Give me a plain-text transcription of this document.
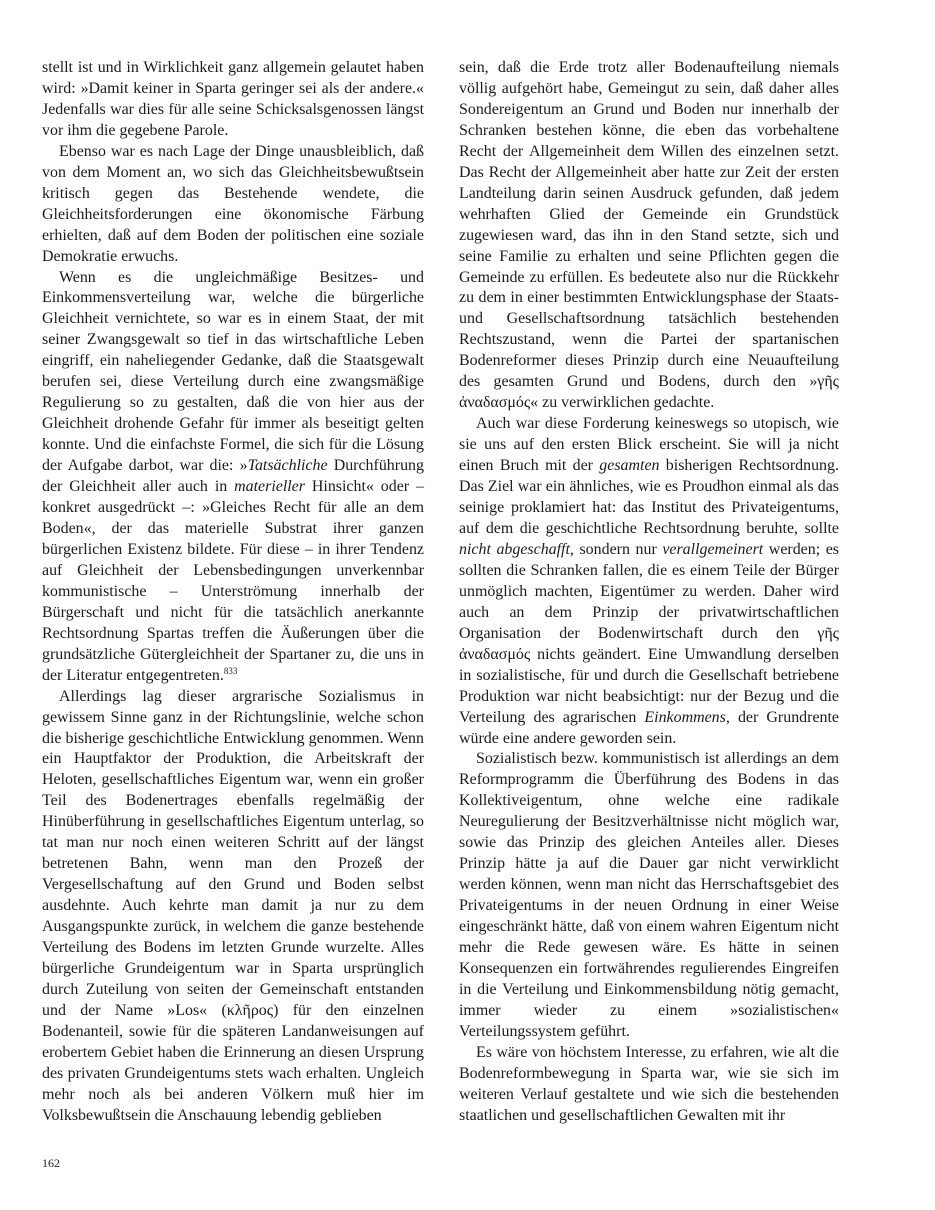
stellt ist und in Wirklichkeit ganz allgemein gelautet haben wird: »Damit keiner in Sparta geringer sei als der andere.« Jedenfalls war dies für alle seine Schicksalsgenossen längst vor ihm die gegebene Parole.

Ebenso war es nach Lage der Dinge unausbleiblich, daß von dem Moment an, wo sich das Gleichheitsbewußtsein kritisch gegen das Bestehende wendete, die Gleichheitsforderungen eine ökonomische Färbung erhielten, daß auf dem Boden der politischen eine soziale Demokratie erwuchs.

Wenn es die ungleichmäßige Besitzes- und Einkommensverteilung war, welche die bürgerliche Gleichheit vernichtete, so war es in einem Staat, der mit seiner Zwangsgewalt so tief in das wirtschaftliche Leben eingriff, ein naheliegender Gedanke, daß die Staatsgewalt berufen sei, diese Verteilung durch eine zwangsmäßige Regulierung so zu gestalten, daß die von hier aus der Gleichheit drohende Gefahr für immer als beseitigt gelten konnte. Und die einfachste Formel, die sich für die Lösung der Aufgabe darbot, war die: »Tatsächliche Durchführung der Gleichheit aller auch in materieller Hinsicht« oder – konkret ausgedrückt –: »Gleiches Recht für alle an dem Boden«, der das materielle Substrat ihrer ganzen bürgerlichen Existenz bildete. Für diese – in ihrer Tendenz auf Gleichheit der Lebensbedingungen unverkennbar kommunistische – Unterströmung innerhalb der Bürgerschaft und nicht für die tatsächlich anerkannte Rechtsordnung Spartas treffen die Äußerungen über die grundsätzliche Gütergleichheit der Spartaner zu, die uns in der Literatur entgegentreten.$^{833}$

Allerdings lag dieser argrarische Sozialismus in gewissem Sinne ganz in der Richtungslinie, welche schon die bisherige geschichtliche Entwicklung genommen. Wenn ein Hauptfaktor der Produktion, die Arbeitskraft der Heloten, gesellschaftliches Eigentum war, wenn ein großer Teil des Bodenertrages ebenfalls regelmäßig der Hinüberführung in gesellschaftliches Eigentum unterlag, so tat man nur noch einen weiteren Schritt auf der längst betretenen Bahn, wenn man den Prozeß der Vergesellschaftung auf den Grund und Boden selbst ausdehnte. Auch kehrte man damit ja nur zu dem Ausgangspunkte zurück, in welchem die ganze bestehende Verteilung des Bodens im letzten Grunde wurzelte. Alles bürgerliche Grundeigentum war in Sparta ursprünglich durch Zuteilung von seiten der Gemeinschaft entstanden und der Name »Los« (κλῆρος) für den einzelnen Bodenanteil, sowie für die späteren Landanweisungen auf erobertem Gebiet haben die Erinnerung an diesen Ursprung des privaten Grundeigentums stets wach erhalten. Ungleich mehr noch als bei anderen Völkern muß hier im Volksbewußtsein die Anschauung lebendig geblieben

sein, daß die Erde trotz aller Bodenaufteilung niemals völlig aufgehört habe, Gemeingut zu sein, daß daher alles Sondereigentum an Grund und Boden nur innerhalb der Schranken bestehen könne, die eben das vorbehaltene Recht der Allgemeinheit dem Willen des einzelnen setzt. Das Recht der Allgemeinheit aber hatte zur Zeit der ersten Landteilung darin seinen Ausdruck gefunden, daß jedem wehrhaften Glied der Gemeinde ein Grundstück zugewiesen ward, das ihn in den Stand setzte, sich und seine Familie zu erhalten und seine Pflichten gegen die Gemeinde zu erfüllen. Es bedeutete also nur die Rückkehr zu dem in einer bestimmten Entwicklungsphase der Staats- und Gesellschaftsordnung tatsächlich bestehenden Rechtszustand, wenn die Partei der spartanischen Bodenreformer dieses Prinzip durch eine Neuaufteilung des gesamten Grund und Bodens, durch den »γῆς ἀναδασμός« zu verwirklichen gedachte.

Auch war diese Forderung keineswegs so utopisch, wie sie uns auf den ersten Blick erscheint. Sie will ja nicht einen Bruch mit der gesamten bisherigen Rechtsordnung. Das Ziel war ein ähnliches, wie es Proudhon einmal als das seinige proklamiert hat: das Institut des Privateigentums, auf dem die geschichtliche Rechtsordnung beruhte, sollte nicht abgeschafft, sondern nur verallgemeinert werden; es sollten die Schranken fallen, die es einem Teile der Bürger unmöglich machten, Eigentümer zu werden. Daher wird auch an dem Prinzip der privatwirtschaftlichen Organisation der Bodenwirtschaft durch den γῆς ἀναδασμός nichts geändert. Eine Umwandlung derselben in sozialistische, für und durch die Gesellschaft betriebene Produktion war nicht beabsichtigt: nur der Bezug und die Verteilung des agrarischen Einkommens, der Grundrente würde eine andere geworden sein.

Sozialistisch bezw. kommunistisch ist allerdings an dem Reformprogramm die Überführung des Bodens in das Kollektiveigentum, ohne welche eine radikale Neuregulierung der Besitzverhältnisse nicht möglich war, sowie das Prinzip des gleichen Anteiles aller. Dieses Prinzip hätte ja auf die Dauer gar nicht verwirklicht werden können, wenn man nicht das Herrschaftsgebiet des Privateigentums in der neuen Ordnung in einer Weise eingeschränkt hätte, daß von einem wahren Eigentum nicht mehr die Rede gewesen wäre. Es hätte in seinen Konsequenzen ein fortwährendes regulierendes Eingreifen in die Verteilung und Einkommensbildung nötig gemacht, immer wieder zu einem »sozialistischen« Verteilungssystem geführt.

Es wäre von höchstem Interesse, zu erfahren, wie alt die Bodenreformbewegung in Sparta war, wie sie sich im weiteren Verlauf gestaltete und wie sich die bestehenden staatlichen und gesellschaftlichen Gewalten mit ihr

162
